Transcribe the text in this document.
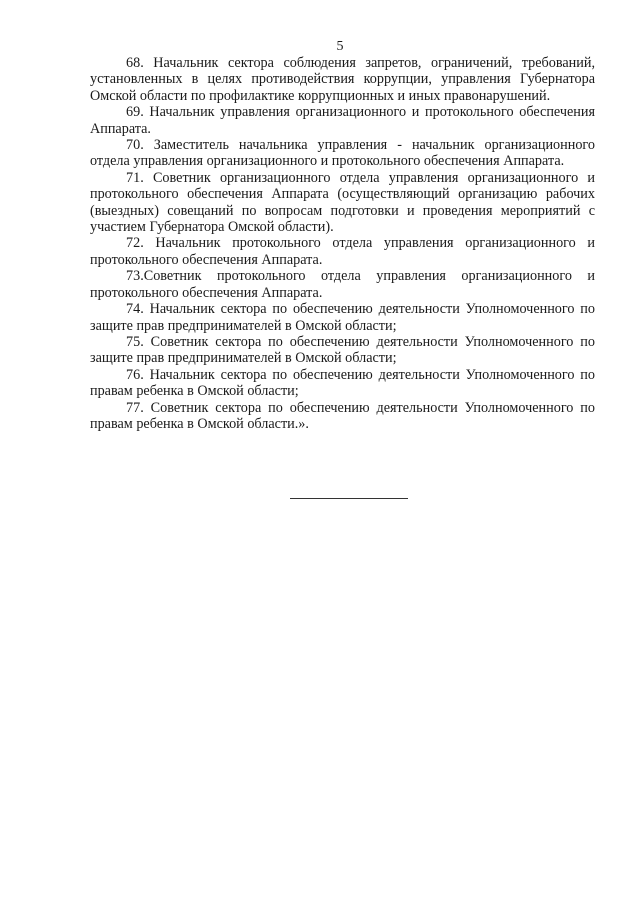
5

68. Начальник сектора соблюдения запретов, ограничений, требований, установленных в целях противодействия коррупции, управления Губернатора Омской области по профилактике коррупционных и иных правонарушений.

69. Начальник управления организационного и протокольного обеспечения Аппарата.

70. Заместитель начальника управления - начальник организационного отдела управления организационного и протокольного обеспечения Аппарата.

71. Советник организационного отдела управления организационного и протокольного обеспечения Аппарата (осуществляющий организацию рабочих (выездных) совещаний по вопросам подготовки и проведения мероприятий с участием Губернатора Омской области).

72. Начальник протокольного отдела управления организационного и протокольного обеспечения Аппарата.

73.Советник протокольного отдела управления организационного и протокольного обеспечения Аппарата.

74. Начальник сектора по обеспечению деятельности Уполномоченного по защите прав предпринимателей в Омской области;

75. Советник сектора по обеспечению деятельности Уполномоченного по защите прав предпринимателей в Омской области;

76. Начальник сектора по обеспечению деятельности Уполномоченного по правам ребенка в Омской области;

77. Советник сектора по обеспечению деятельности Уполномоченного по правам ребенка в Омской области.».
